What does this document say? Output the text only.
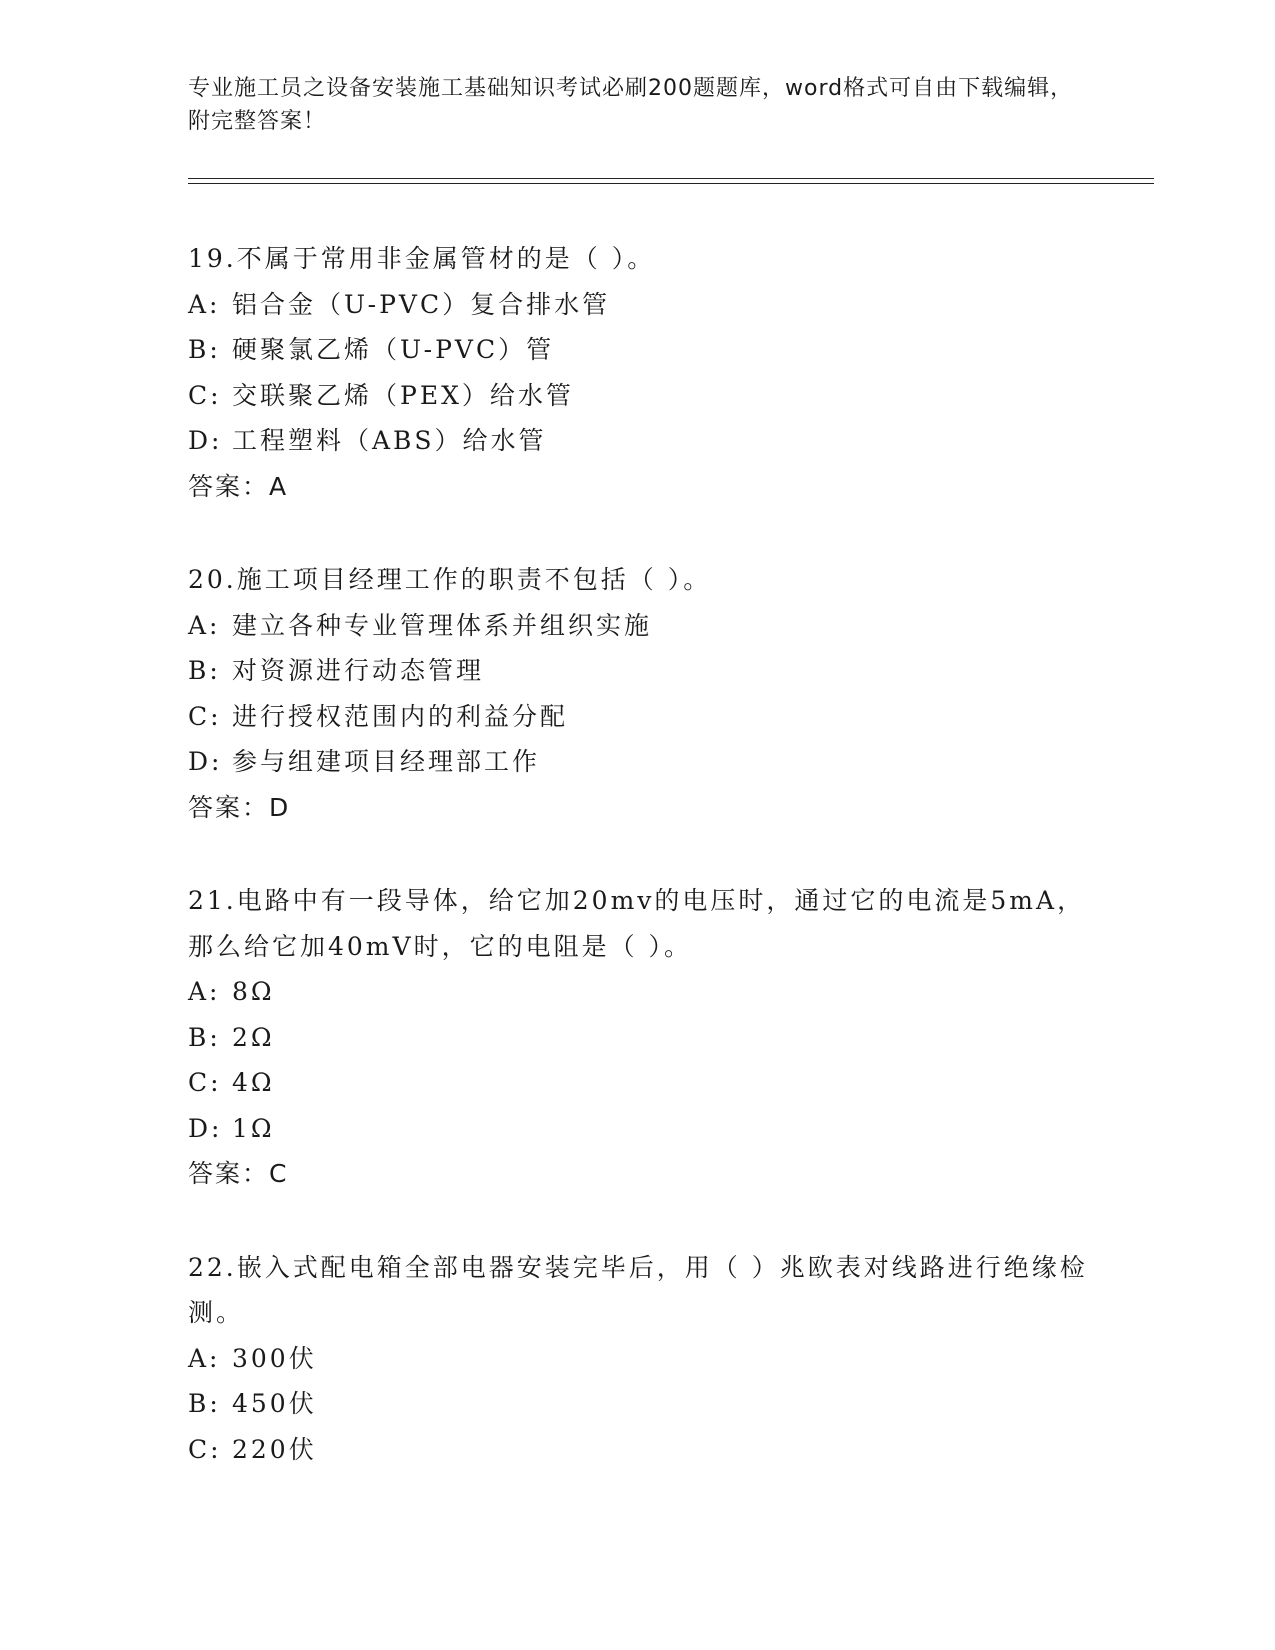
专业施工员之设备安装施工基础知识考试必刷200题题库，word格式可自由下载编辑，附完整答案！
19.不属于常用非金属管材的是（ ）。
A: 铝合金（U-PVC）复合排水管
B: 硬聚氯乙烯（U-PVC）管
C: 交联聚乙烯（PEX）给水管
D: 工程塑料（ABS）给水管
答案：A
20.施工项目经理工作的职责不包括（ ）。
A: 建立各种专业管理体系并组织实施
B: 对资源进行动态管理
C: 进行授权范围内的利益分配
D: 参与组建项目经理部工作
答案：D
21.电路中有一段导体，给它加20mv的电压时，通过它的电流是5mA，那么给它加40mV时，它的电阻是（ ）。
A: 8Ω
B: 2Ω
C: 4Ω
D: 1Ω
答案：C
22.嵌入式配电箱全部电器安装完毕后，用（ ）兆欧表对线路进行绝缘检测。
A: 300伏
B: 450伏
C: 220伏
